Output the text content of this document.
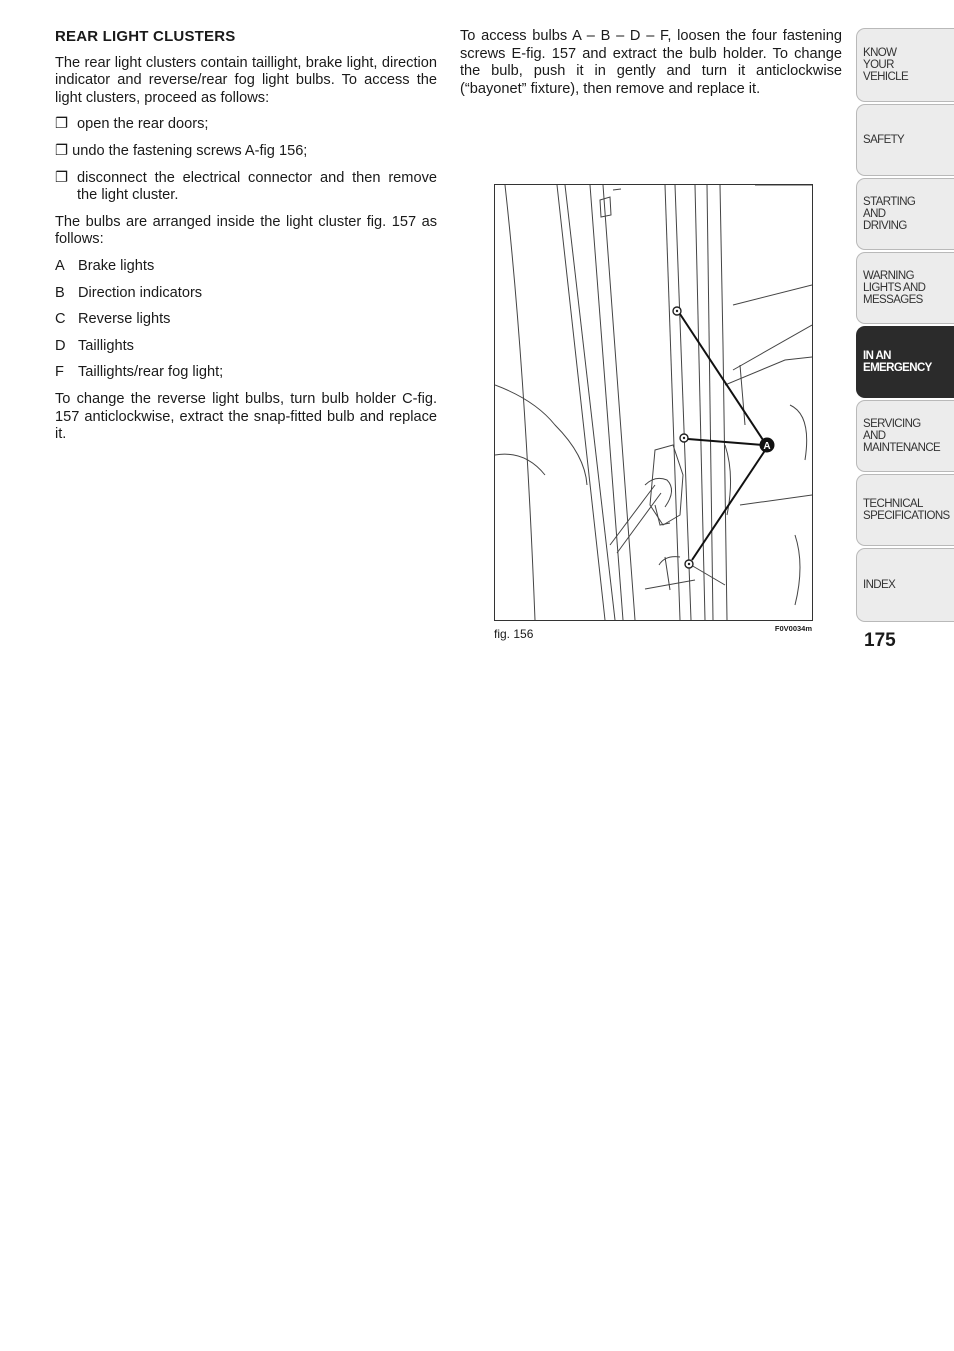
REAR LIGHT CLUSTERS

The rear light clusters contain taillight, brake light, direction indicator and reverse/rear fog light bulbs. To access the light clusters, proceed as follows:

❐ open the rear doors;
❐ undo the fastening screws A-fig 156;
❐ disconnect the electrical connector and then remove the light cluster.

The bulbs are arranged inside the light cluster fig. 157 as follows:

A Brake lights
B Direction indicators
C Reverse lights
D Taillights
F Taillights/rear fog light;

To change the reverse light bulbs, turn bulb holder C-fig. 157 anticlockwise, extract the snap-fitted bulb and replace it.

To access bulbs A – B – D – F, loosen the four fastening screws E-fig. 157 and extract the bulb holder. To change the bulb, push it in gently and turn it anticlockwise (“bayonet” fixture), then remove and replace it.

A
fig. 156	F0V0034m
KNOW
YOUR
VEHICLE
SAFETY
STARTING
AND
DRIVING
WARNING
LIGHTS AND
MESSAGES
IN AN
EMERGENCY
SERVICING
AND
MAINTENANCE
TECHNICAL
SPECIFICATIONS
INDEX
175
